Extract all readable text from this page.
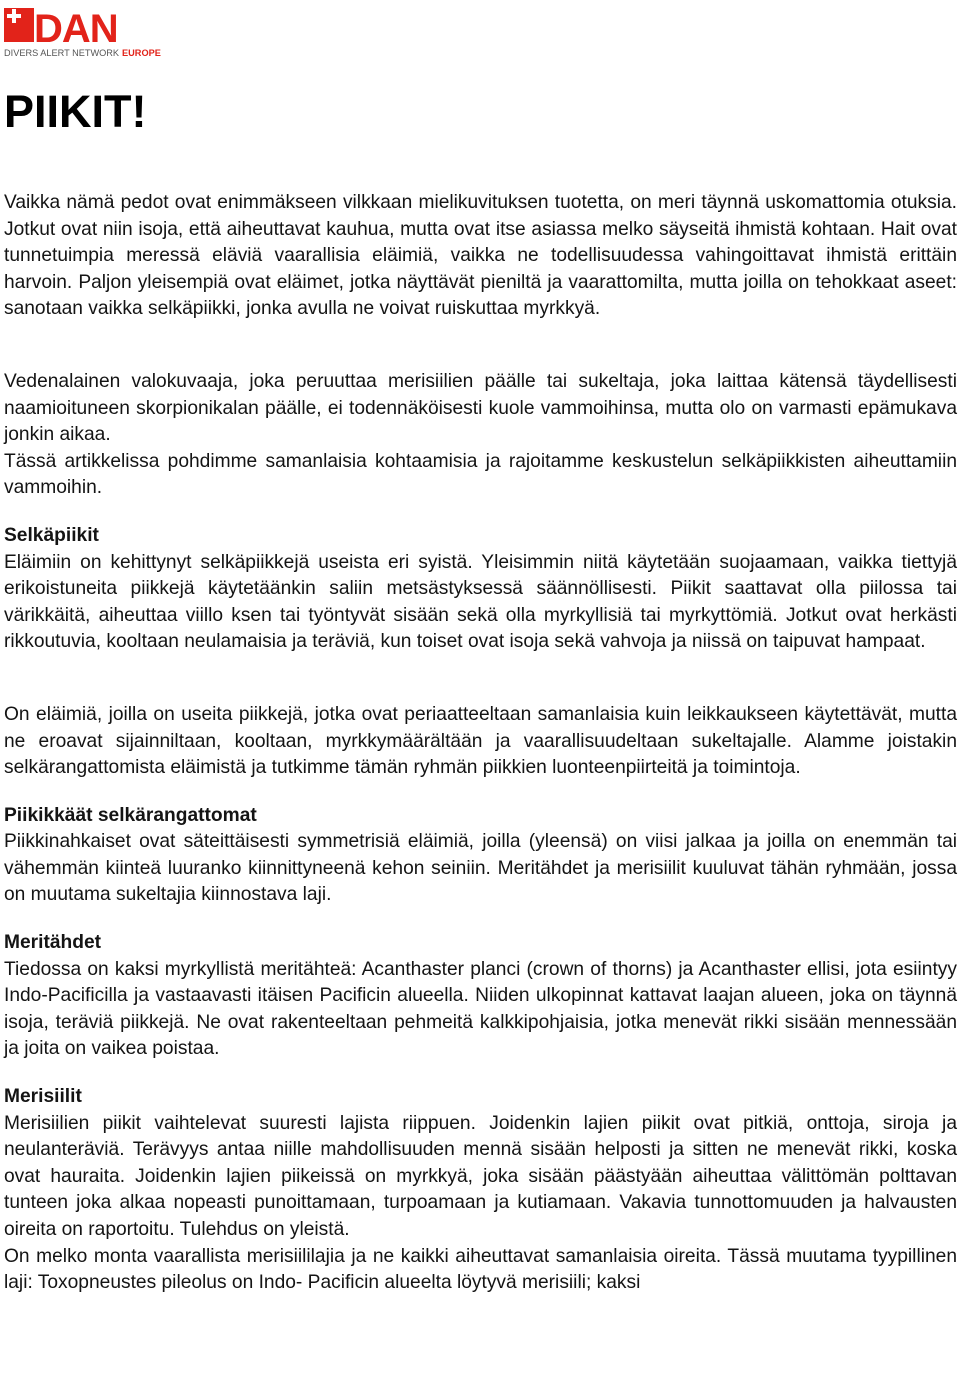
DAN
DIVERS ALERT NETWORK EUROPE
PIIKIT!

Vaikka nämä pedot ovat enimmäkseen vilkkaan mielikuvituksen tuotetta, on meri täynnä uskomattomia otuksia. Jotkut ovat niin isoja, että aiheuttavat kauhua, mutta ovat itse asiassa melko säyseitä ihmistä kohtaan. Hait ovat tunnetuimpia meressä eläviä vaarallisia eläimiä, vaikka ne todellisuudessa vahingoittavat ihmistä erittäin harvoin. Paljon yleisempiä ovat eläimet, jotka näyttävät pieniltä ja vaarattomilta, mutta joilla on tehokkaat aseet: sanotaan vaikka selkäpiikki, jonka avulla ne voivat ruiskuttaa myrkkyä.

Vedenalainen valokuvaaja, joka peruuttaa merisiilien päälle tai sukeltaja, joka laittaa kätensä täydellisesti naamioituneen skorpionikalan päälle, ei todennäköisesti kuole vammoihinsa, mutta olo on varmasti epämukava jonkin aikaa.

Tässä artikkelissa pohdimme samanlaisia kohtaamisia ja rajoitamme keskustelun selkäpiikkisten aiheuttamiin vammoihin.

Selkäpiikit

Eläimiin on kehittynyt selkäpiikkejä useista eri syistä. Yleisimmin niitä käytetään suojaamaan, vaikka tiettyjä erikoistuneita piikkejä käytetäänkin saliin metsästyksessä säännöllisesti. Piikit saattavat olla piilossa tai värikkäitä, aiheuttaa viillo ksen tai työntyvät sisään sekä olla myrkyllisiä tai myrkyttömiä. Jotkut ovat herkästi rikkoutuvia, kooltaan neulamaisia ja teräviä, kun toiset ovat isoja sekä vahvoja ja niissä on taipuvat hampaat.

On eläimiä, joilla on useita piikkejä, jotka ovat periaatteeltaan samanlaisia kuin leikkaukseen käytettävät, mutta ne eroavat sijainniltaan, kooltaan, myrkkymäärältään ja vaarallisuudeltaan sukeltajalle. Alamme joistakin selkärangattomista eläimistä ja tutkimme tämän ryhmän piikkien luonteenpiirteitä ja toimintoja.

Piikikkäät selkärangattomat

Piikkinahkaiset ovat säteittäisesti symmetrisiä eläimiä, joilla (yleensä) on viisi jalkaa ja joilla on enemmän tai vähemmän kiinteä luuranko kiinnittyneenä kehon seiniin. Meritähdet ja merisiilit kuuluvat tähän ryhmään, jossa on muutama sukeltajia kiinnostava laji.

Meritähdet

Tiedossa on kaksi myrkyllistä meritähteä: Acanthaster planci (crown of thorns) ja Acanthaster ellisi, jota esiintyy Indo-Pacificilla ja vastaavasti itäisen Pacificin alueella. Niiden ulkopinnat kattavat laajan alueen, joka on täynnä isoja, teräviä piikkejä. Ne ovat rakenteeltaan pehmeitä kalkkipohjaisia, jotka menevät rikki sisään mennessään ja joita on vaikea poistaa.

Merisiilit

Merisiilien piikit vaihtelevat suuresti lajista riippuen. Joidenkin lajien piikit ovat pitkiä, onttoja, siroja ja neulanteräviä. Terävyys antaa niille mahdollisuuden mennä sisään helposti ja sitten ne menevät rikki, koska ovat hauraita. Joidenkin lajien piikeissä on myrkkyä, joka sisään päästyään aiheuttaa välittömän polttavan tunteen joka alkaa nopeasti punoittamaan, turpoamaan ja kutiamaan. Vakavia tunnottomuuden ja halvausten oireita on raportoitu. Tulehdus on yleistä.

On melko monta vaarallista merisiililajia ja ne kaikki aiheuttavat samanlaisia oireita. Tässä muutama tyypillinen laji: Toxopneustes pileolus on Indo- Pacificin alueelta löytyvä merisiili; kaksi
